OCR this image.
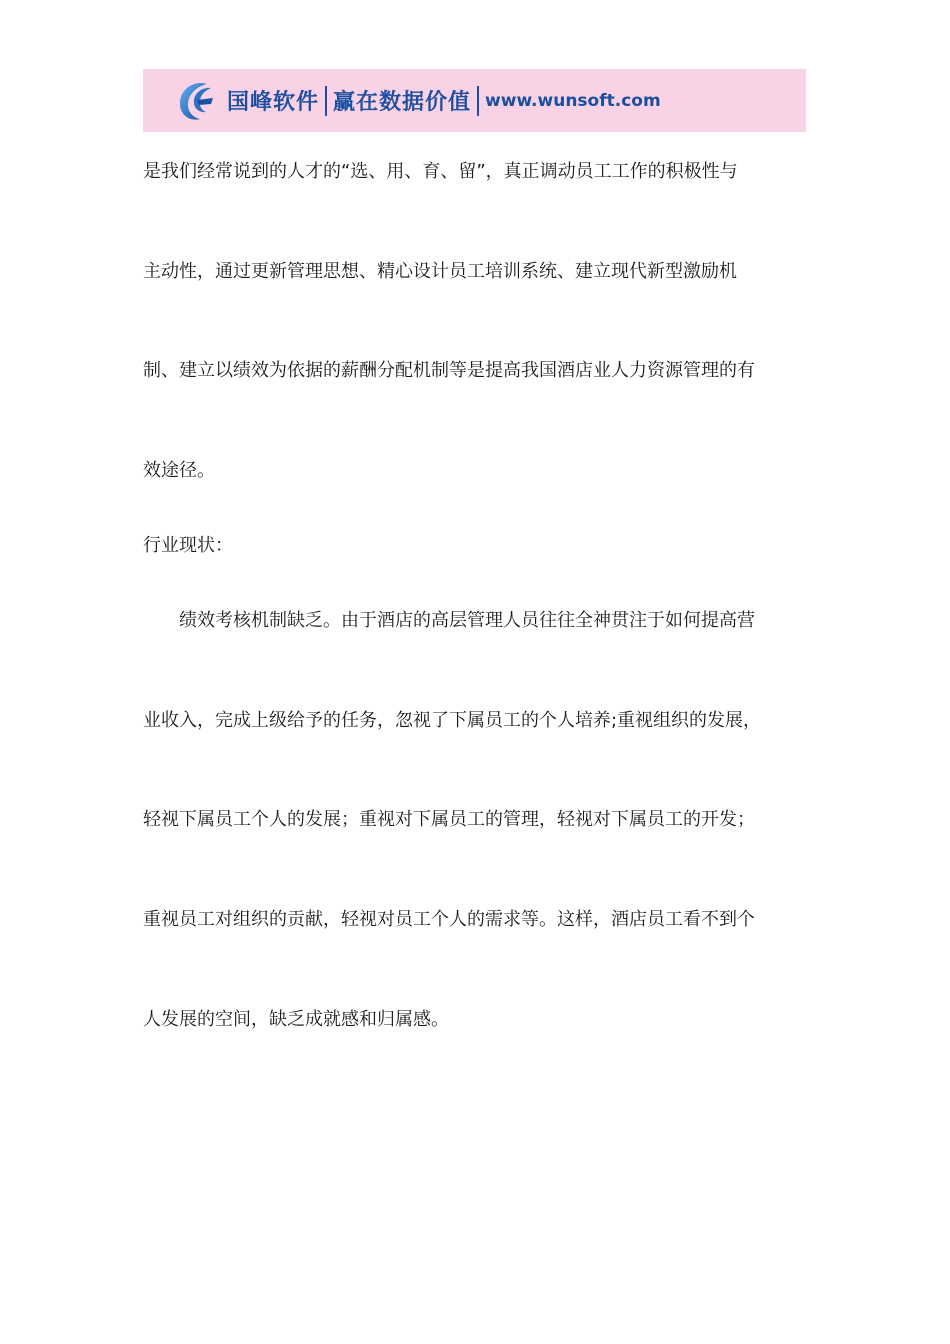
国峰软件 赢在数据价值 www.wunsoft.com
是我们经常说到的人才的“选、用、育、留”，真正调动员工工作的积极性与
主动性，通过更新管理思想、精心设计员工培训系统、建立现代新型激励机
制、建立以绩效为依据的薪酬分配机制等是提高我国酒店业人力资源管理的有
效途径。
行业现状：
绩效考核机制缺乏。由于酒店的高层管理人员往往全神贯注于如何提高营
业收入，完成上级给予的任务，忽视了下属员工的个人培养;重视组织的发展，
轻视下属员工个人的发展；重视对下属员工的管理，轻视对下属员工的开发；
重视员工对组织的贡献，轻视对员工个人的需求等。这样，酒店员工看不到个
人发展的空间，缺乏成就感和归属感。
